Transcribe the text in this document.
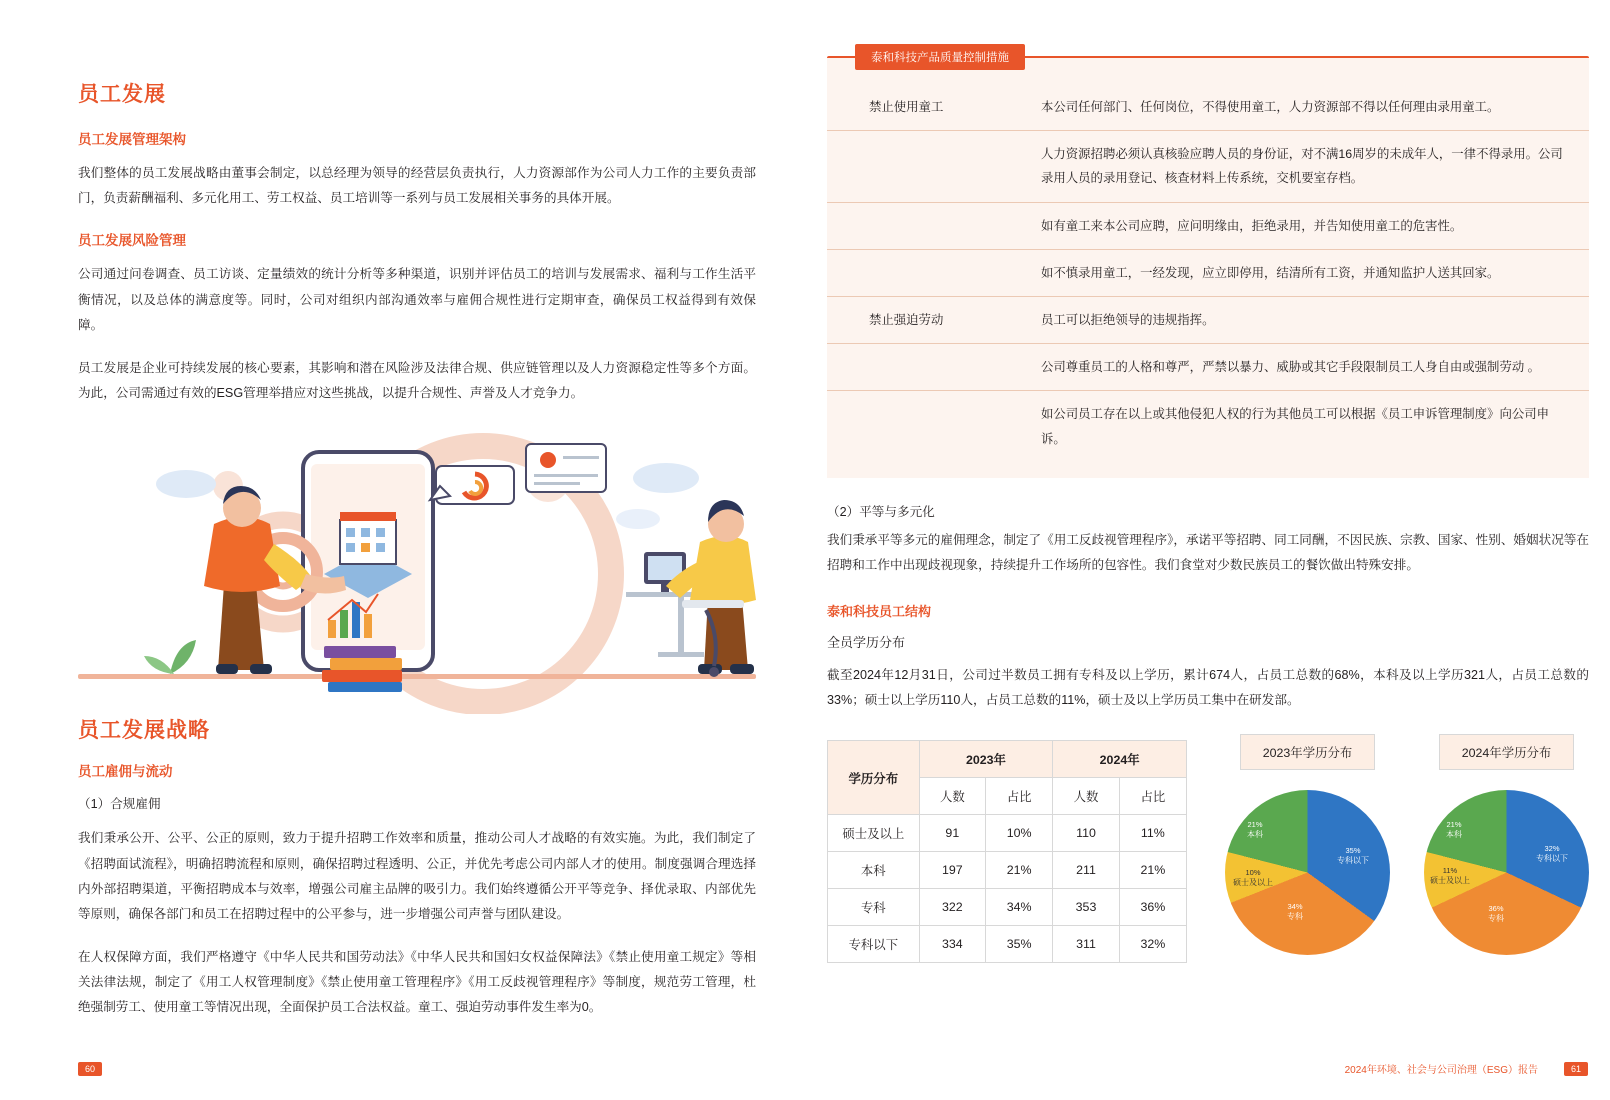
员工发展
员工发展管理架构

我们整体的员工发展战略由董事会制定，以总经理为领导的经营层负责执行，人力资源部作为公司人力工作的主要负责部门，负责薪酬福利、多元化用工、劳工权益、员工培训等一系列与员工发展相关事务的具体开展。

员工发展风险管理

公司通过问卷调查、员工访谈、定量绩效的统计分析等多种渠道，识别并评估员工的培训与发展需求、福利与工作生活平衡情况，以及总体的满意度等。同时，公司对组织内部沟通效率与雇佣合规性进行定期审查，确保员工权益得到有效保障。

员工发展是企业可持续发展的核心要素，其影响和潜在风险涉及法律合规、供应链管理以及人力资源稳定性等多个方面。为此，公司需通过有效的ESG管理举措应对这些挑战，以提升合规性、声誉及人才竞争力。

员工发展战略
员工雇佣与流动
（1）合规雇佣

我们秉承公开、公平、公正的原则，致力于提升招聘工作效率和质量，推动公司人才战略的有效实施。为此，我们制定了《招聘面试流程》，明确招聘流程和原则，确保招聘过程透明、公正，并优先考虑公司内部人才的使用。制度强调合理选择内外部招聘渠道，平衡招聘成本与效率，增强公司雇主品牌的吸引力。我们始终遵循公开平等竞争、择优录取、内部优先等原则，确保各部门和员工在招聘过程中的公平参与，进一步增强公司声誉与团队建设。

在人权保障方面，我们严格遵守《中华人民共和国劳动法》《中华人民共和国妇女权益保障法》《禁止使用童工规定》等相关法律法规，制定了《用工人权管理制度》《禁止使用童工管理程序》《用工反歧视管理程序》等制度，规范劳工管理，杜绝强制劳工、使用童工等情况出现，全面保护员工合法权益。童工、强迫劳动事件发生率为0。

60
泰和科技产品质量控制措施
禁止使用童工	本公司任何部门、任何岗位，不得使用童工，人力资源部不得以任何理由录用童工。
	人力资源招聘必须认真核验应聘人员的身份证，对不满16周岁的未成年人，一律不得录用。公司录用人员的录用登记、核查材料上传系统，交机要室存档。
	如有童工来本公司应聘，应问明缘由，拒绝录用，并告知使用童工的危害性。
	如不慎录用童工，一经发现，应立即停用，结清所有工资，并通知监护人送其回家。
禁止强迫劳动	员工可以拒绝领导的违规指挥。
	公司尊重员工的人格和尊严，严禁以暴力、威胁或其它手段限制员工人身自由或强制劳动 。
	如公司员工存在以上或其他侵犯人权的行为其他员工可以根据《员工申诉管理制度》向公司申诉。
（2）平等与多元化
我们秉承平等多元的雇佣理念，制定了《用工反歧视管理程序》，承诺平等招聘、同工同酬，不因民族、宗教、国家、性别、婚姻状况等在招聘和工作中出现歧视现象，持续提升工作场所的包容性。我们食堂对少数民族员工的餐饮做出特殊安排。
泰和科技员工结构
全员学历分布
截至2024年12月31日，公司过半数员工拥有专科及以上学历，累计674人，占员工总数的68%，本科及以上学历321人，占员工总数的33%；硕士以上学历110人，占员工总数的11%，硕士及以上学历员工集中在研发部。
学历分布	2023年		2024年	
	人数	占比	人数	占比
硕士及以上	91	10%	110	11%
本科	197	21%	211	21%
专科	322	34%	353	36%
专科以下	334	35%	311	32%
2023年学历分布
35%
专科以下
34%
专科
10%
硕士及以上
21%
本科
2024年学历分布
32%
专科以下
36%
专科
11%
硕士及以上
21%
本科
2024年环境、社会与公司治理（ESG）报告	61
